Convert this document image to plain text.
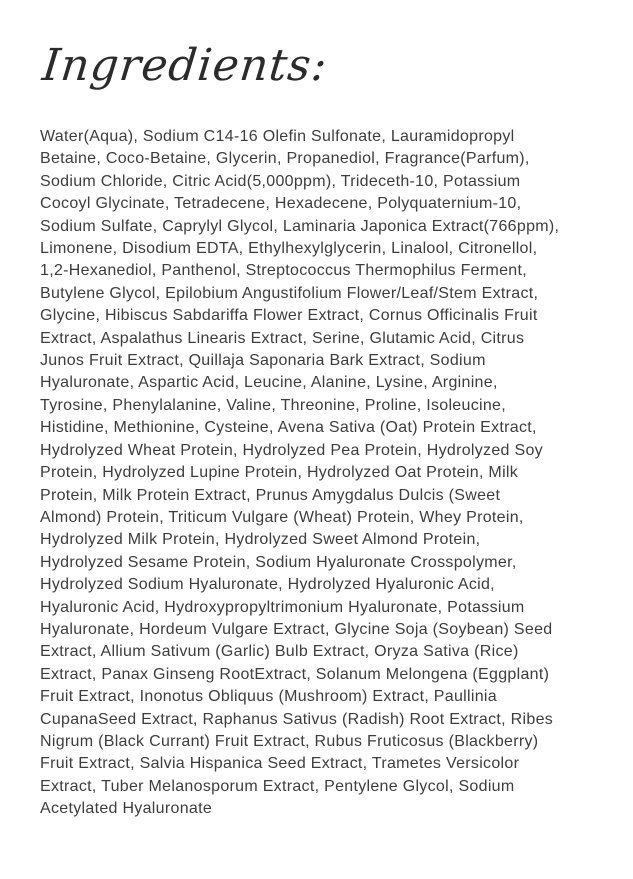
Ingredients:
Water(Aqua), Sodium C14-16 Olefin Sulfonate, Lauramidopropyl
Betaine, Coco-Betaine, Glycerin, Propanediol, Fragrance(Parfum),
Sodium Chloride, Citric Acid(5,000ppm), Trideceth-10, Potassium
Cocoyl Glycinate, Tetradecene, Hexadecene, Polyquaternium-10,
Sodium Sulfate, Caprylyl Glycol, Laminaria Japonica Extract(766ppm),
Limonene, Disodium EDTA, Ethylhexylglycerin, Linalool, Citronellol,
1,2-Hexanediol, Panthenol, Streptococcus Thermophilus Ferment,
Butylene Glycol, Epilobium Angustifolium Flower/Leaf/Stem Extract,
Glycine, Hibiscus Sabdariffa Flower Extract, Cornus Officinalis Fruit
Extract, Aspalathus Linearis Extract, Serine, Glutamic Acid, Citrus
Junos Fruit Extract, Quillaja Saponaria Bark Extract, Sodium
Hyaluronate, Aspartic Acid, Leucine, Alanine, Lysine, Arginine,
Tyrosine, Phenylalanine, Valine, Threonine, Proline, Isoleucine,
Histidine, Methionine, Cysteine, Avena Sativa (Oat) Protein Extract,
Hydrolyzed Wheat Protein, Hydrolyzed Pea Protein, Hydrolyzed Soy
Protein, Hydrolyzed Lupine Protein, Hydrolyzed Oat Protein, Milk
Protein, Milk Protein Extract, Prunus Amygdalus Dulcis (Sweet
Almond) Protein, Triticum Vulgare (Wheat) Protein, Whey Protein,
Hydrolyzed Milk Protein, Hydrolyzed Sweet Almond Protein,
Hydrolyzed Sesame Protein, Sodium Hyaluronate Crosspolymer,
Hydrolyzed Sodium Hyaluronate, Hydrolyzed Hyaluronic Acid,
Hyaluronic Acid, Hydroxypropyltrimonium Hyaluronate, Potassium
Hyaluronate, Hordeum Vulgare Extract, Glycine Soja (Soybean) Seed
Extract, Allium Sativum (Garlic) Bulb Extract, Oryza Sativa (Rice)
Extract, Panax Ginseng RootExtract, Solanum Melongena (Eggplant)
Fruit Extract, Inonotus Obliquus (Mushroom) Extract, Paullinia
CupanaSeed Extract, Raphanus Sativus (Radish) Root Extract, Ribes
Nigrum (Black Currant) Fruit Extract, Rubus Fruticosus (Blackberry)
Fruit Extract, Salvia Hispanica Seed Extract, Trametes Versicolor
Extract, Tuber Melanosporum Extract, Pentylene Glycol, Sodium
Acetylated Hyaluronate
